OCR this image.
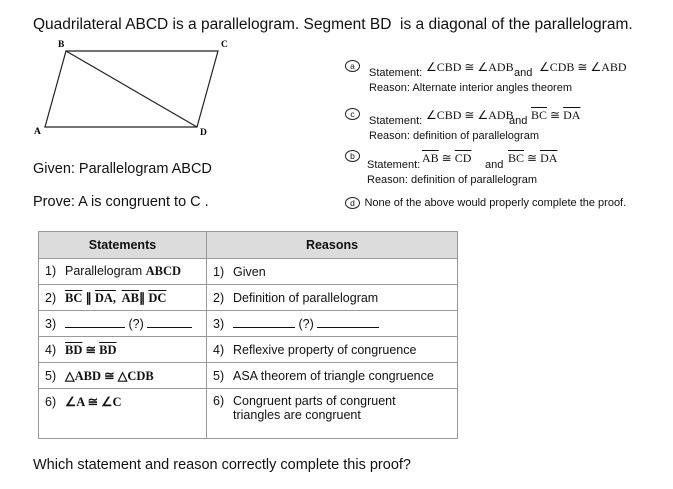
Quadrilateral ABCD is a parallelogram. Segment BD is a diagonal of the parallelogram.
B	C
A	D
Given: Parallelogram ABCD
Prove: A is congruent to C .
a
Statement: ∠CBD ≅ ∠ADB and ∠CDB ≅ ∠ABD
Reason: Alternate interior angles theorem
c
Statement: ∠CBD ≅ ∠ADB
and $\overline{BC}$ ≅ $\overline{DA}$
Reason: definition of parallelogram
b
Statement: $\overline{AB}$ ≅ $\overline{CD}$ and $\overline{BC}$ ≅ $\overline{DA}$
Reason: definition of parallelogram
d None of the above would properly complete the proof.
Statements	Reasons
1) Parallelogram ABCD	1) Given
2) $\overline{BC}$ ∥ DA, $\overline{AB}\parallel$ $\overline{DC}$	2) Definition of parallelogram
3) (?)	3) (?)
4) $\overline{BD}$ ≅ $\overline{BD}$	4) Reflexive property of congruence
5) △ABD ≅ △CDB	5) ASA theorem of triangle congruence
6) ∠A ≅ ∠C	6) Congruent parts of congruent
triangles are congruent
Which statement and reason correctly complete this proof?
